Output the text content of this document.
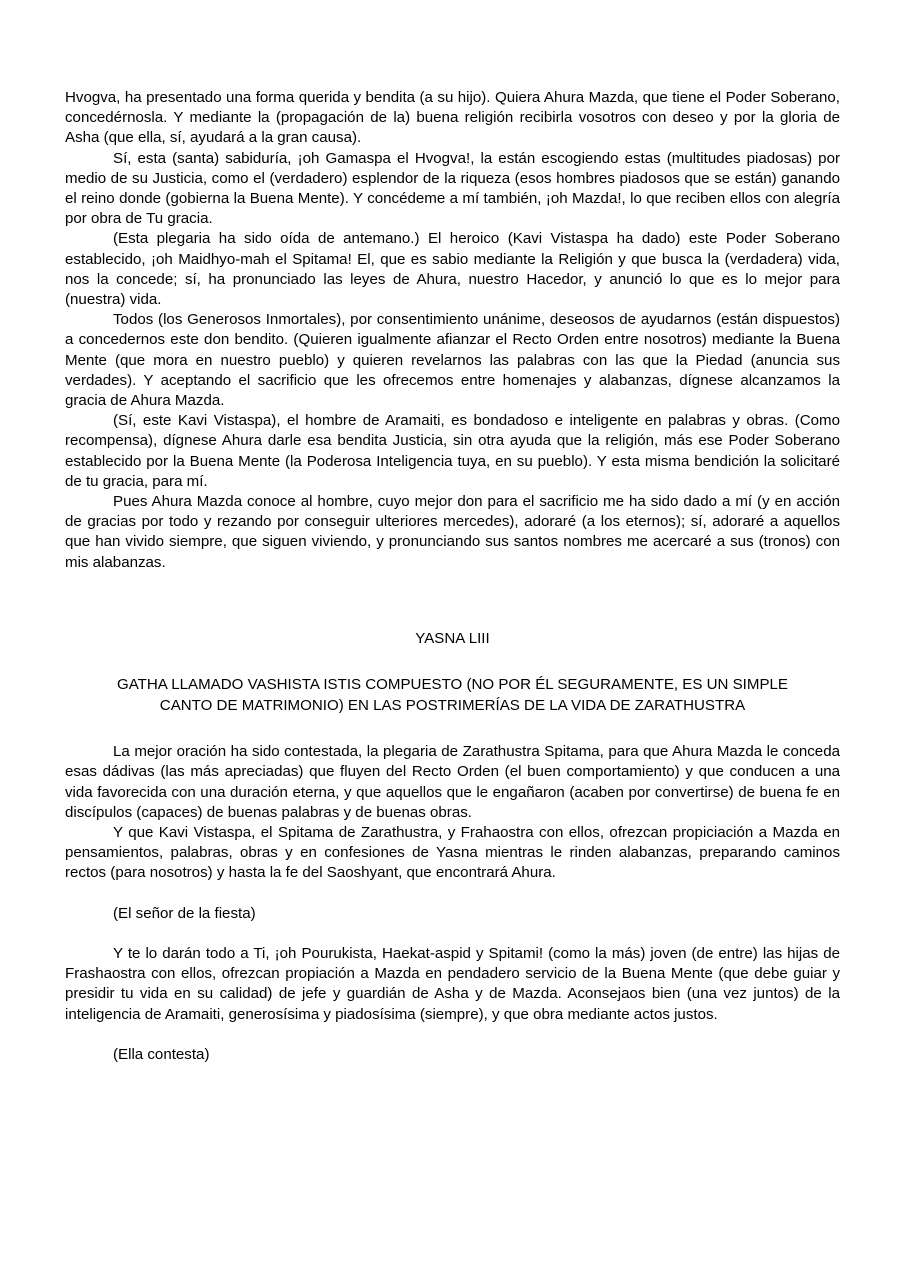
Hvogva, ha presentado una forma querida y bendita (a su hijo). Quiera Ahura Mazda, que tiene el Poder Soberano, concedérnosla. Y mediante la (propagación de la) buena religión recibirla vosotros con deseo y por la gloria de Asha (que ella, sí, ayudará a la gran causa).

Sí, esta (santa) sabiduría, ¡oh Gamaspa el Hvogva!, la están escogiendo estas (multitudes piadosas) por medio de su Justicia, como el (verdadero) esplendor de la riqueza (esos hombres piadosos que se están) ganando el reino donde (gobierna la Buena Mente). Y concédeme a mí también, ¡oh Mazda!, lo que reciben ellos con alegría por obra de Tu gracia.

(Esta plegaria ha sido oída de antemano.) El heroico (Kavi Vistaspa ha dado) este Poder Soberano establecido, ¡oh Maidhyo-mah el Spitama! El, que es sabio mediante la Religión y que busca la (verdadera) vida, nos la concede; sí, ha pronunciado las leyes de Ahura, nuestro Hacedor, y anunció lo que es lo mejor para (nuestra) vida.

Todos (los Generosos Inmortales), por consentimiento unánime, deseosos de ayudarnos (están dispuestos) a concedernos este don bendito. (Quieren igualmente afianzar el Recto Orden entre nosotros) mediante la Buena Mente (que mora en nuestro pueblo) y quieren revelarnos las palabras con las que la Piedad (anuncia sus verdades). Y aceptando el sacrificio que les ofrecemos entre homenajes y alabanzas, dígnese alcanzamos la gracia de Ahura Mazda.

(Sí, este Kavi Vistaspa), el hombre de Aramaiti, es bondadoso e inteligente en palabras y obras. (Como recompensa), dígnese Ahura darle esa bendita Justicia, sin otra ayuda que la religión, más ese Poder Soberano establecido por la Buena Mente (la Poderosa Inteligencia tuya, en su pueblo). Y esta misma bendición la solicitaré de tu gracia, para mí.

Pues Ahura Mazda conoce al hombre, cuyo mejor don para el sacrificio me ha sido dado a mí (y en acción de gracias por todo y rezando por conseguir ulteriores mercedes), adoraré (a los eternos); sí, adoraré a aquellos que han vivido siempre, que siguen viviendo, y pronunciando sus santos nombres me acercaré a sus (tronos) con mis alabanzas.

YASNA LIII
GATHA LLAMADO VASHISTA ISTIS COMPUESTO (NO POR ÉL SEGURAMENTE, ES UN SIMPLE CANTO DE MATRIMONIO) EN LAS POSTRIMERÍAS DE LA VIDA DE ZARATHUSTRA

La mejor oración ha sido contestada, la plegaria de Zarathustra Spitama, para que Ahura Mazda le conceda esas dádivas (las más apreciadas) que fluyen del Recto Orden (el buen comportamiento) y que conducen a una vida favorecida con una duración eterna, y que aquellos que le engañaron (acaben por convertirse) de buena fe en discípulos (capaces) de buenas palabras y de buenas obras.

Y que Kavi Vistaspa, el Spitama de Zarathustra, y Frahaostra con ellos, ofrezcan propiciación a Mazda en pensamientos, palabras, obras y en confesiones de Yasna mientras le rinden alabanzas, preparando caminos rectos (para nosotros) y hasta la fe del Saoshyant, que encontrará Ahura.

(El señor de la fiesta)

Y te lo darán todo a Ti, ¡oh Pourukista, Haekat-aspid y Spitami! (como la más) joven (de entre) las hijas de Frashaostra con ellos, ofrezcan propiación a Mazda en pendadero servicio de la Buena Mente (que debe guiar y presidir tu vida en su calidad) de jefe y guardián de Asha y de Mazda. Aconsejaos bien (una vez juntos) de la inteligencia de Aramaiti, generosísima y piadosísima (siempre), y que obra mediante actos justos.

(Ella contesta)
